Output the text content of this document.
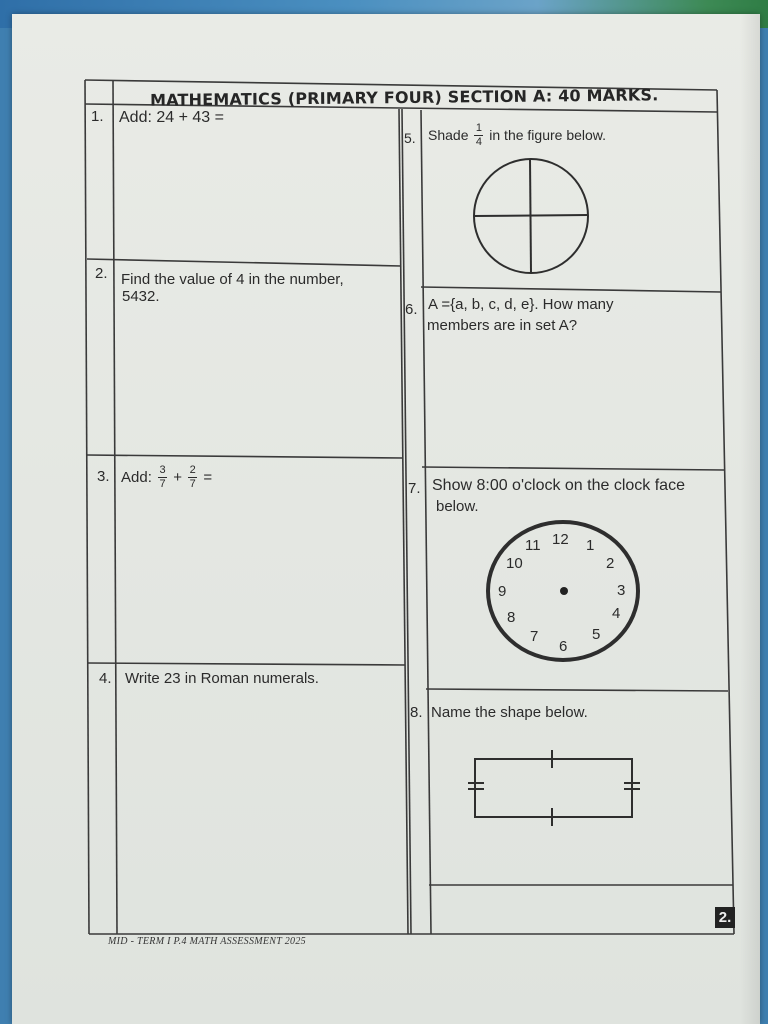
12 1
2
3
4
5
6
7
8
9
10
11
MATHEMATICS (PRIMARY FOUR) SECTION A: 40 MARKS.
1. Add: 24 + 43 =
2. Find the value of 4 in the number,
5432.
3. Add:
$\frac{3}{7}$
+
$\frac{2}{7}$
=
4. Write 23 in Roman numerals.
5. Shade
$\frac{1}{4}$
in the figure below.
6. A ={a, b, c, d, e}. How many
members are in set A?
7. Show 8:00 o'clock on the clock face
below.
8. Name the shape below.
MID - TERM I P.4 MATH ASSESSMENT 2025
2.
